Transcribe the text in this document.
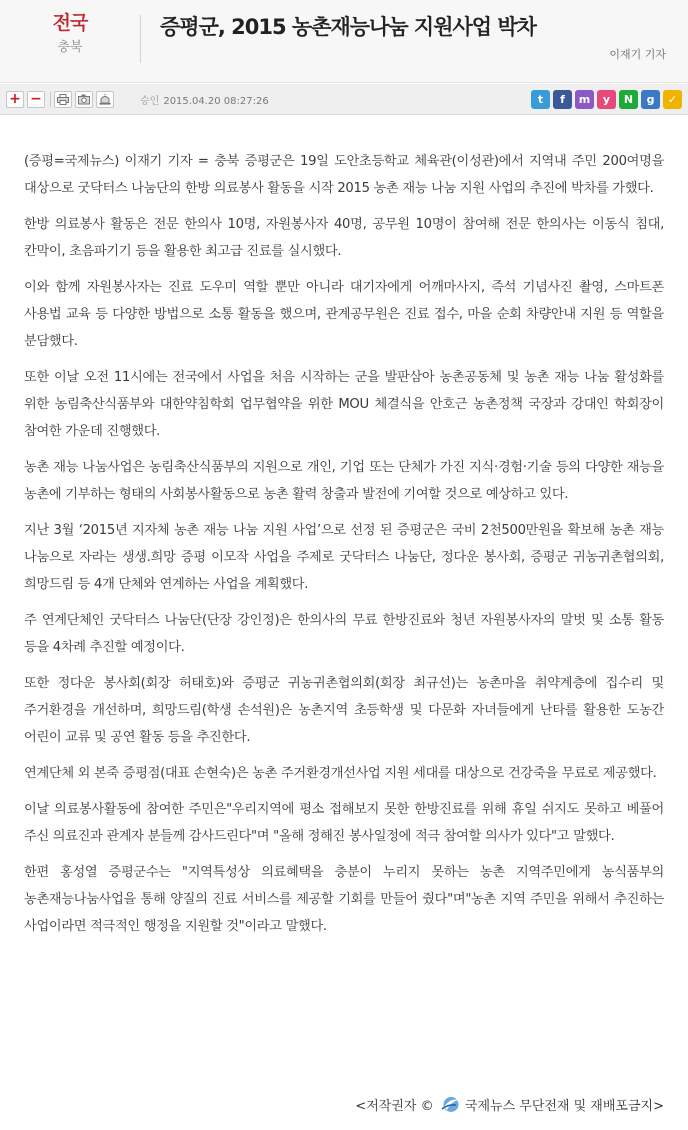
전국
충북
증평군, 2015 농촌재능나눔 지원사업 박차
이재기 기자
+ −	승인 2015.04.20 08:27:26	t	f	m	y	N	g	✓

(증평=국제뉴스) 이재기 기자 = 충북 증평군은 19일 도안초등학교 체육관(이성관)에서 지역내 주민 200여명을 대상으로 굿닥터스 나눔단의 한방 의료봉사 활동을 시작 2015 농촌 재능 나눔 지원 사업의 추진에 박차를 가했다.

한방 의료봉사 활동은 전문 한의사 10명, 자원봉사자 40명, 공무원 10명이 참여해 전문 한의사는 이동식 침대, 칸막이, 초음파기기 등을 활용한 최고급 진료를 실시했다.

이와 함께 자원봉사자는 진료 도우미 역할 뿐만 아니라 대기자에게 어깨마사지, 즉석 기념사진 촬영, 스마트폰 사용법 교육 등 다양한 방법으로 소통 활동을 했으며, 관계공무원은 진료 접수, 마을 순회 차량안내 지원 등 역할을 분담했다.

또한 이날 오전 11시에는 전국에서 사업을 처음 시작하는 군을 발판삼아 농촌공동체 및 농촌 재능 나눔 활성화를 위한 농림축산식품부와 대한약침학회 업무협약을 위한 MOU 체결식을 안호근 농촌정책 국장과 강대인 학회장이 참여한 가운데 진행했다.

농촌 재능 나눔사업은 농림축산식품부의 지원으로 개인, 기업 또는 단체가 가진 지식·경험·기술 등의 다양한 재능을 농촌에 기부하는 형태의 사회봉사활동으로 농촌 활력 창출과 발전에 기여할 것으로 예상하고 있다.

지난 3월 ‘2015년 지자체 농촌 재능 나눔 지원 사업’으로 선정 된 증평군은 국비 2천500만원을 확보해 농촌 재능 나눔으로 자라는 생생.희망 증평 이모작 사업을 주제로 굿닥터스 나눔단, 정다운 봉사회, 증평군 귀농귀촌협의회, 희망드림 등 4개 단체와 연계하는 사업을 계획했다.

주 연계단체인 굿닥터스 나눔단(단장 강인정)은 한의사의 무료 한방진료와 청년 자원봉사자의 말벗 및 소통 활동 등을 4차례 추진할 예정이다.

또한 정다운 봉사회(회장 허태호)와 증평군 귀농귀촌협의회(회장 최규선)는 농촌마을 취약계층에 집수리 및 주거환경을 개선하며, 희망드림(학생 손석원)은 농촌지역 초등학생 및 다문화 자녀들에게 난타를 활용한 도농간 어린이 교류 및 공연 활동 등을 추진한다.

연계단체 외 본죽 증평점(대표 손현숙)은 농촌 주거환경개선사업 지원 세대를 대상으로 건강죽을 무료로 제공했다.

이날 의료봉사활동에 참여한 주민은"우리지역에 평소 접해보지 못한 한방진료를 위해 휴일 쉬지도 못하고 베풀어 주신 의료진과 관계자 분들께 감사드린다"며 "올해 정해진 봉사일정에 적극 참여할 의사가 있다"고 말했다.

한편 홍성열 증평군수는 "지역특성상 의료혜택을 충분이 누리지 못하는 농촌 지역주민에게 농식품부의 농촌재능나눔사업을 통해 양질의 진료 서비스를 제공할 기회를 만들어 줬다"며"농촌 지역 주민을 위해서 추진하는 사업이라면 적극적인 행정을 지원할 것"이라고 말했다.

<저작권자 © 국제뉴스 무단전재 및 재배포금지>
